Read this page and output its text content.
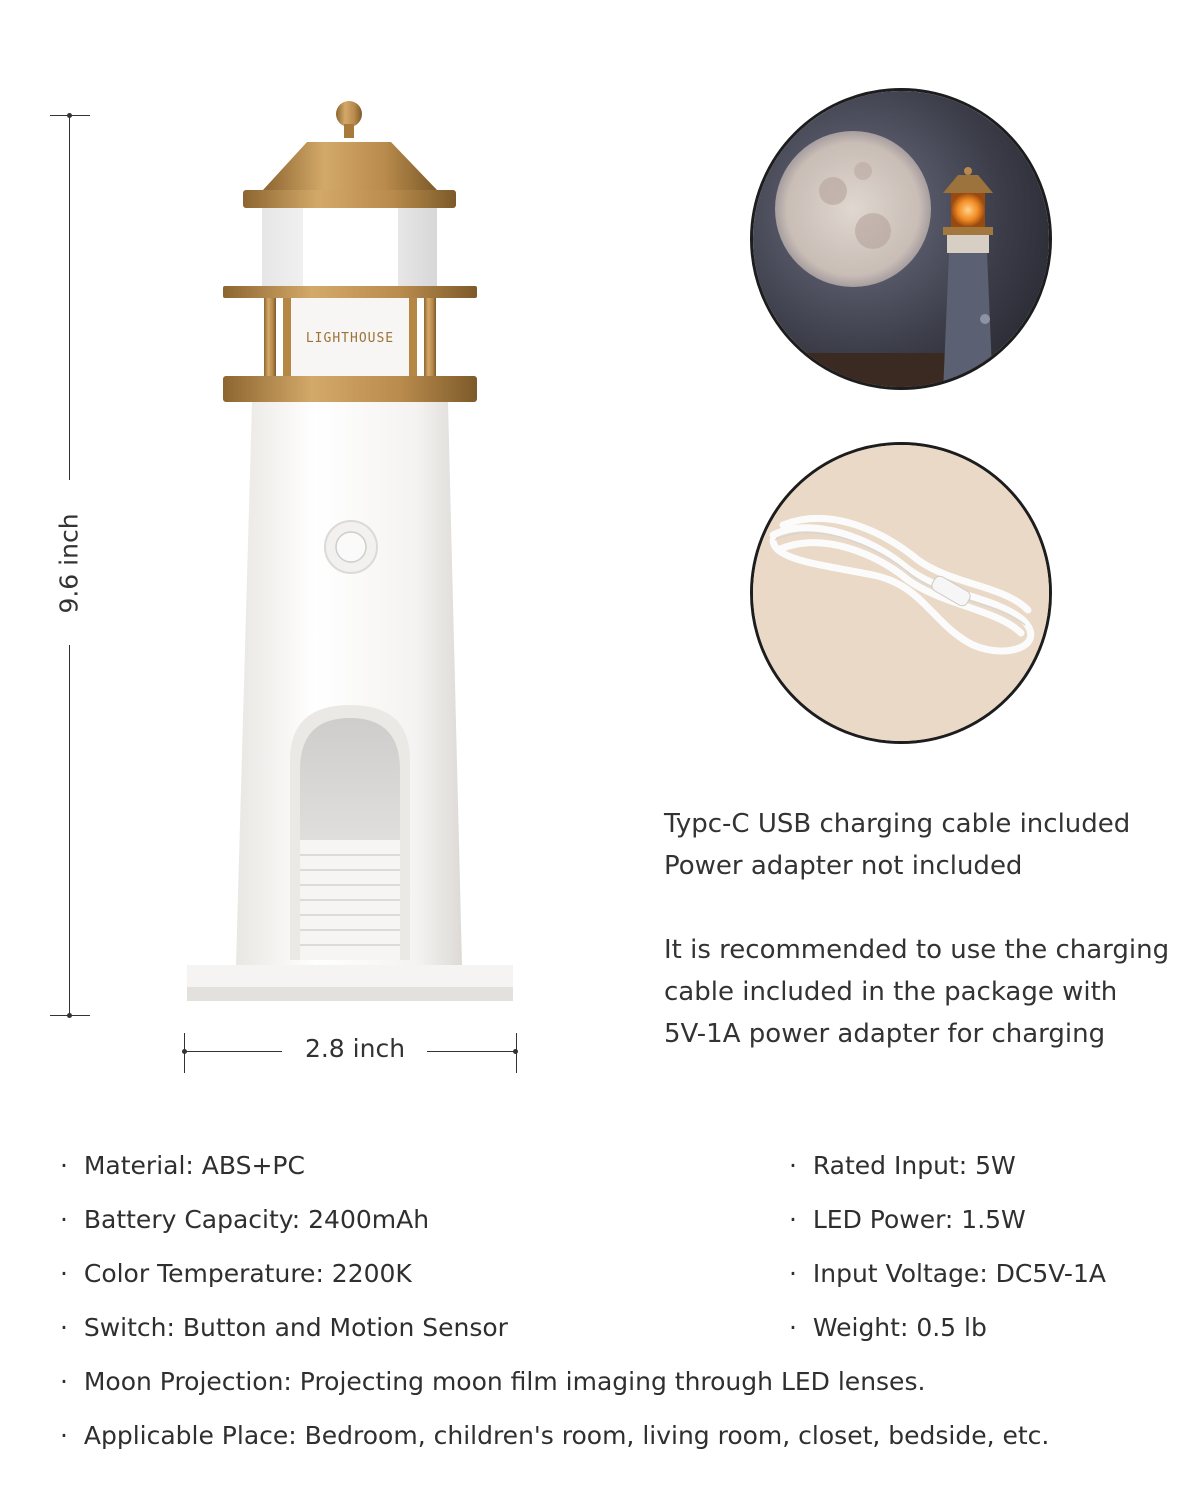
9.6 inch
2.8 inch
LIGHTHOUSE
Typc-C USB charging cable included
Power adapter not included
It is recommended to use the charging
cable included in the package with
5V-1A power adapter for charging
· Material: ABS+PC
· Battery Capacity: 2400mAh
· Color Temperature: 2200K
· Switch: Button and Motion Sensor
· Moon Projection: Projecting moon film imaging through LED lenses.
· Applicable Place: Bedroom, children's room, living room, closet, bedside, etc.
· Rated Input: 5W
· LED Power: 1.5W
· Input Voltage: DC5V-1A
· Weight: 0.5 lb
